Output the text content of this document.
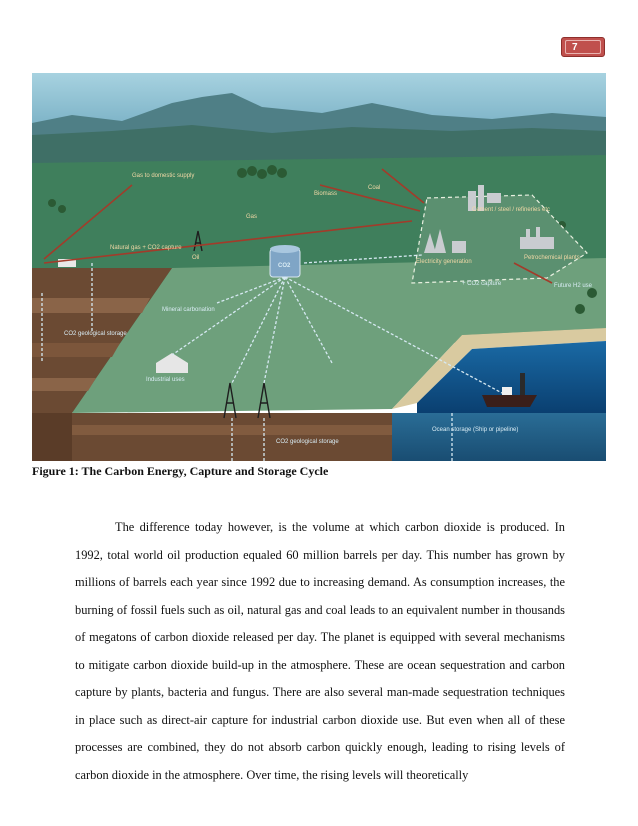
7
Gas to domestic supply
Gas
Biomass
Coal
Cement / steel / refineries etc
Natural gas + CO2 capture
Oil
CO2
Electricity generation
Petrochemical plants
+ CO2 capture	Future H2 use
Mineral carbonation
CO2 geological storage
Industrial uses
CO2 geological storage
Ocean storage (Ship or pipeline)
Figure 1: The Carbon Energy, Capture and Storage Cycle

The difference today however, is the volume at which carbon dioxide is produced. In 1992, total world oil production equaled 60 million barrels per day. This number has grown by millions of barrels each year since 1992 due to increasing demand. As consumption increases, the burning of fossil fuels such as oil, natural gas and coal leads to an equivalent number in thousands of megatons of carbon dioxide released per day. The planet is equipped with several mechanisms to mitigate carbon dioxide build-up in the atmosphere. These are ocean sequestration and carbon capture by plants, bacteria and fungus. There are also several man-made sequestration techniques in place such as direct-air capture for industrial carbon dioxide use. But even when all of these processes are combined, they do not absorb carbon quickly enough, leading to rising levels of carbon dioxide in the atmosphere. Over time, the rising levels will theoretically
